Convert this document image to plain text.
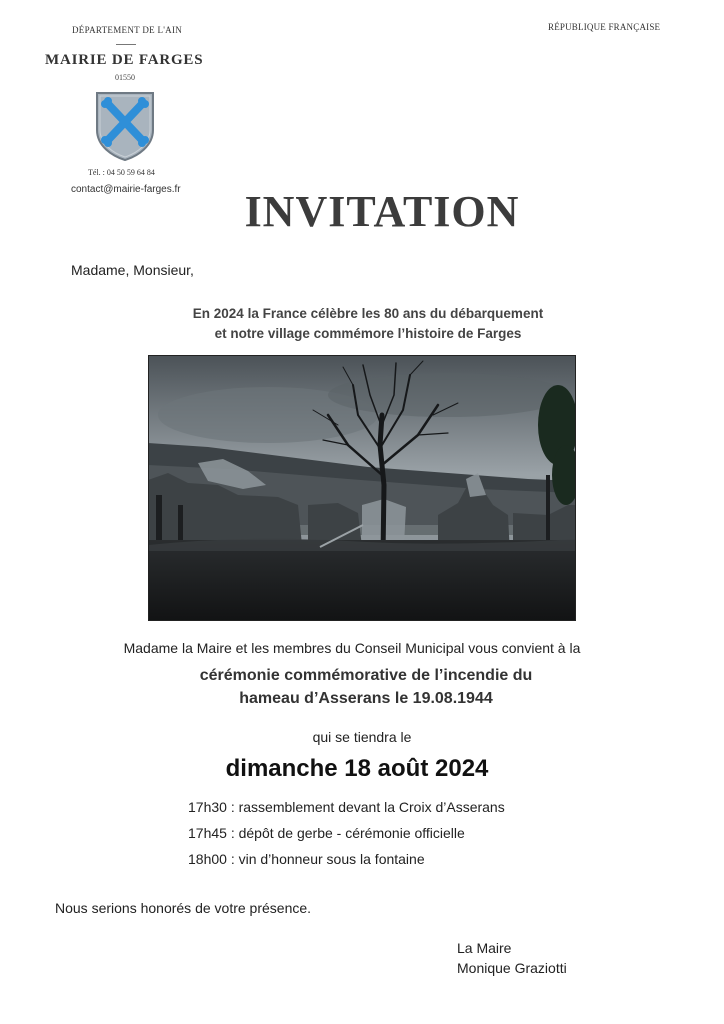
DÉPARTEMENT DE L'AIN
MAIRIE DE FARGES
01550
Tél. : 04 50 59 64 84
contact@mairie-farges.fr
RÉPUBLIQUE FRANÇAISE
INVITATION
Madame, Monsieur,
En 2024 la France célèbre les 80 ans du débarquement
et notre village commémore l’histoire de Farges
Madame la Maire et les membres du Conseil Municipal vous convient à la
cérémonie commémorative de l’incendie du
hameau d’Asserans le 19.08.1944
qui se tiendra le
dimanche 18 août 2024
17h30 : rassemblement devant la Croix d’Asserans
17h45 : dépôt de gerbe - cérémonie officielle
18h00 : vin d’honneur sous la fontaine
Nous serions honorés de votre présence.
La Maire
Monique Graziotti
